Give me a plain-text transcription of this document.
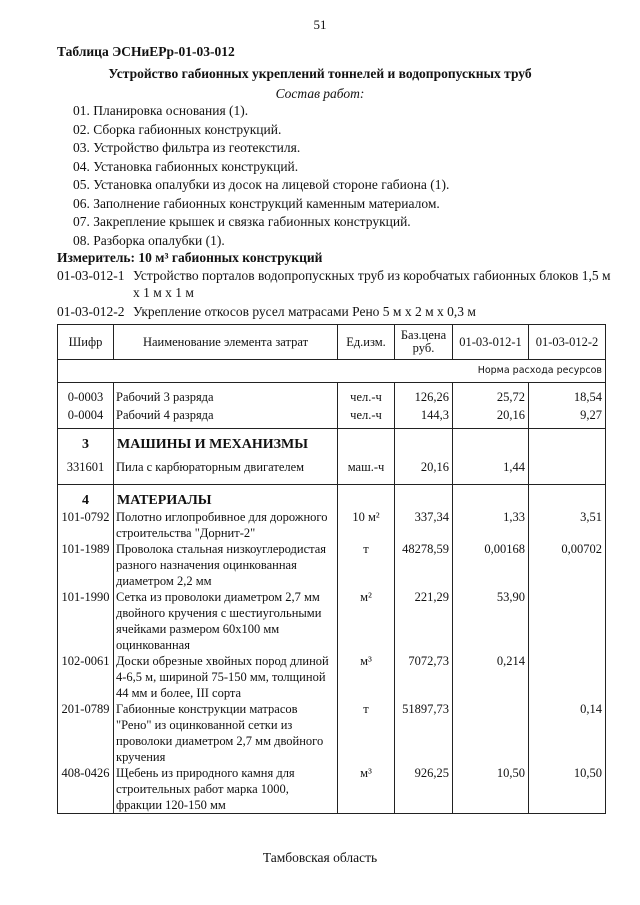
51
Таблица ЭСНиЕРр-01-03-012
Устройство габионных укреплений тоннелей и водопропускных труб
Состав работ:
01. Планировка основания (1).
02. Сборка габионных конструкций.
03. Устройство фильтра из геотекстиля.
04. Установка габионных конструкций.
05. Установка опалубки из досок на лицевой стороне габиона (1).
06. Заполнение габионных конструкций каменным материалом.
07. Закрепление крышек и связка габионных конструкций.
08. Разборка опалубки (1).
Измеритель: 10 м³ габионных конструкций
01-03-012-1 Устройство порталов водопропускных труб из коробчатых габионных блоков 1,5 м
х 1 м х 1 м
01-03-012-2 Укрепление откосов русел матрасами Рено 5 м х 2 м х 0,3 м
Шифр	Наименование элемента затрат	Ед.изм.	Баз.цена руб.	01-03-012-1	01-03-012-2
Норма расхода ресурсов					
0-0003	Рабочий 3 разряда	чел.-ч	126,26	25,72	18,54
0-0004	Рабочий 4 разряда	чел.-ч	144,3	20,16	9,27
3	МАШИНЫ И МЕХАНИЗМЫ				
331601	Пила с карбюраторным двигателем	маш.-ч	20,16	1,44	
4	МАТЕРИАЛЫ				
101-0792	Полотно иглопробивное для дорожного строительства "Дорнит-2"	10 м²	337,34	1,33	3,51
101-1989	Проволока стальная низкоуглеродистая разного назначения оцинкованная диаметром 2,2 мм	т	48278,59	0,00168	0,00702
101-1990	Сетка из проволоки диаметром 2,7 мм двойного кручения с шестиугольными ячейками размером 60х100 мм оцинкованная	м²	221,29	53,90	
102-0061	Доски обрезные хвойных пород длиной 4-6,5 м, шириной 75-150 мм, толщиной 44 мм и более, III сорта	м³	7072,73	0,214	
201-0789	Габионные конструкции матрасов "Рено" из оцинкованной сетки из проволоки диаметром 2,7 мм двойного кручения	т	51897,73		0,14
408-0426	Щебень из природного камня для строительных работ марка 1000, фракции 120-150 мм	м³	926,25	10,50	10,50
Тамбовская область
